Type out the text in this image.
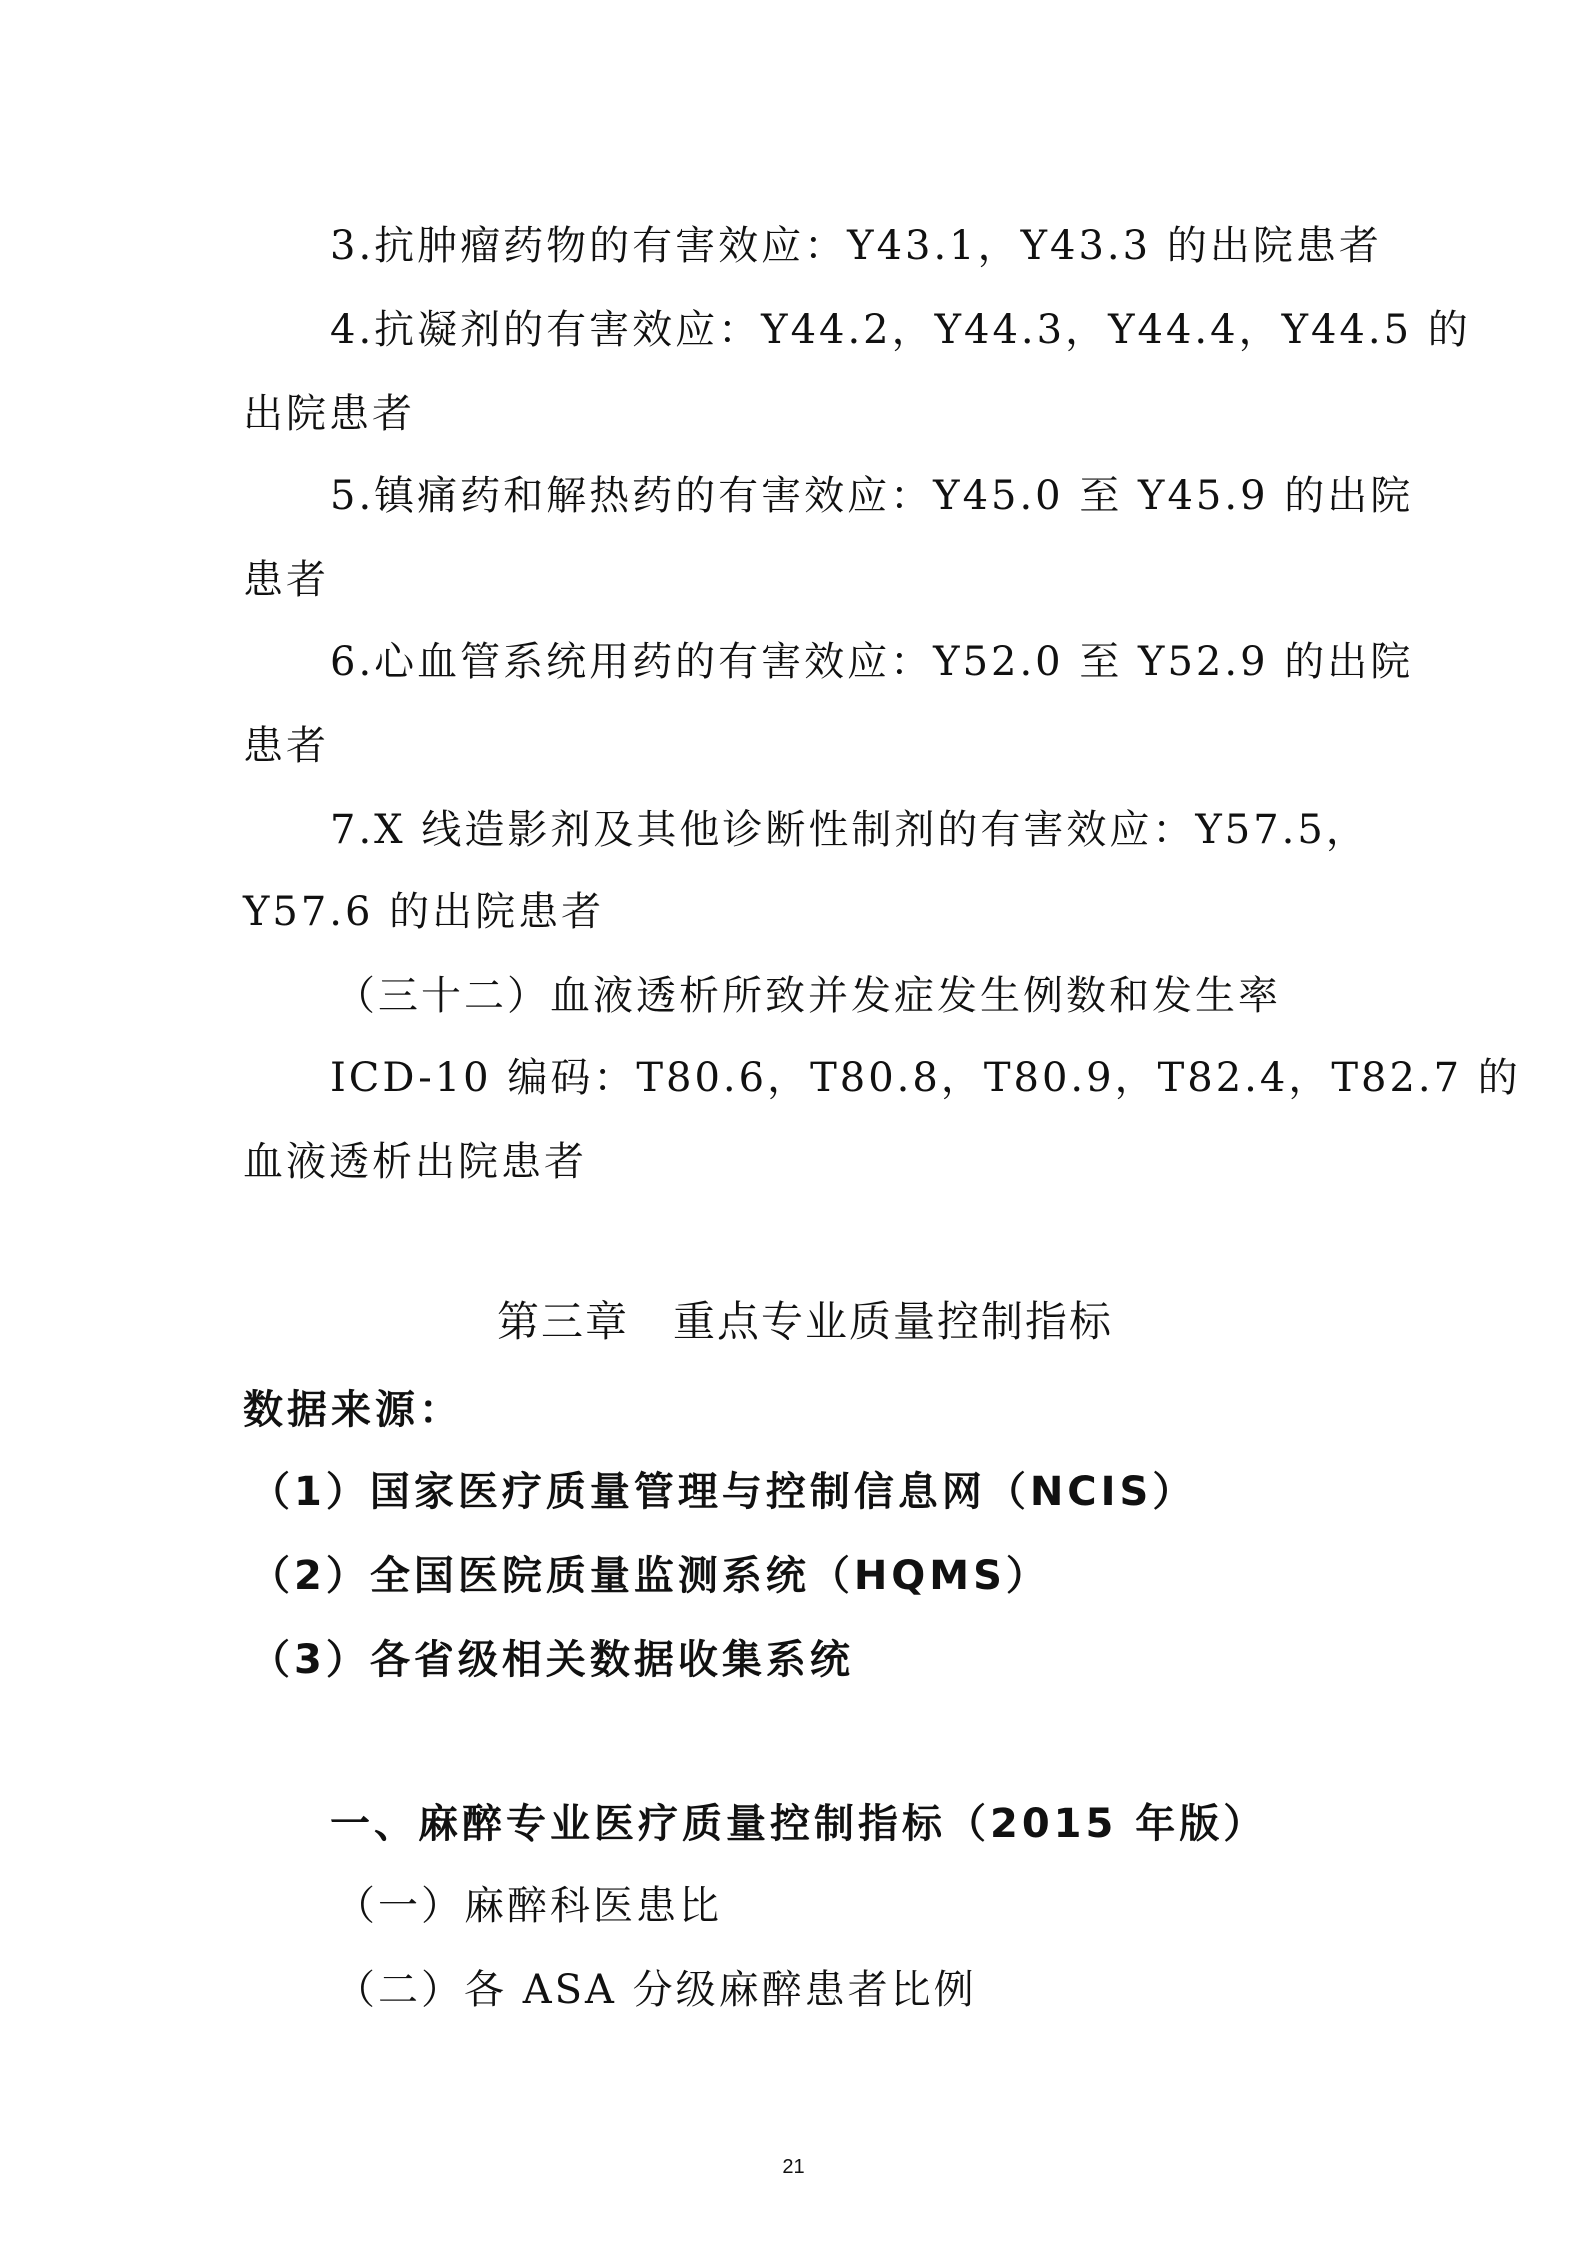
3.抗肿瘤药物的有害效应：Y43.1，Y43.3 的出院患者
4.抗凝剂的有害效应：Y44.2，Y44.3，Y44.4，Y44.5 的
出院患者
5.镇痛药和解热药的有害效应：Y45.0 至 Y45.9 的出院
患者
6.心血管系统用药的有害效应：Y52.0 至 Y52.9 的出院
患者
7.X 线造影剂及其他诊断性制剂的有害效应：Y57.5，
Y57.6 的出院患者
（三十二）血液透析所致并发症发生例数和发生率
ICD-10 编码：T80.6，T80.8，T80.9，T82.4，T82.7 的
血液透析出院患者
第三章　重点专业质量控制指标
数据来源：
（1）国家医疗质量管理与控制信息网（NCIS）
（2）全国医院质量监测系统（HQMS）
（3）各省级相关数据收集系统
一、麻醉专业医疗质量控制指标（2015 年版）
（一）麻醉科医患比
（二）各 ASA 分级麻醉患者比例
21
